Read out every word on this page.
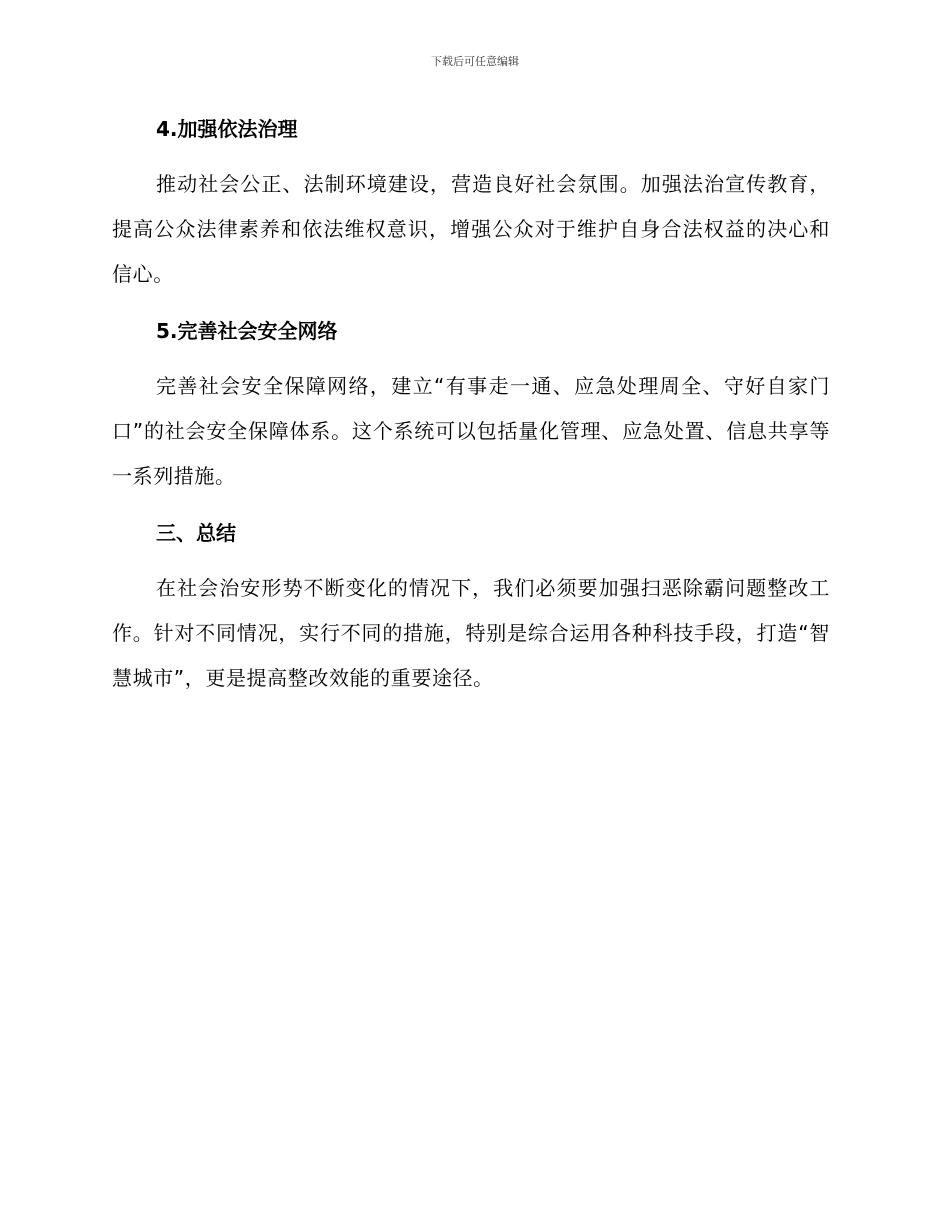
下载后可任意编辑
4.加强依法治理

推动社会公正、法制环境建设，营造良好社会氛围。加强法治宣传教育，提高公众法律素养和依法维权意识，增强公众对于维护自身合法权益的决心和信心。

5.完善社会安全网络

完善社会安全保障网络，建立“有事走一通、应急处理周全、守好自家门口”的社会安全保障体系。这个系统可以包括量化管理、应急处置、信息共享等一系列措施。

三、总结

在社会治安形势不断变化的情况下，我们必须要加强扫恶除霸问题整改工作。针对不同情况，实行不同的措施，特别是综合运用各种科技手段，打造“智慧城市”，更是提高整改效能的重要途径。
